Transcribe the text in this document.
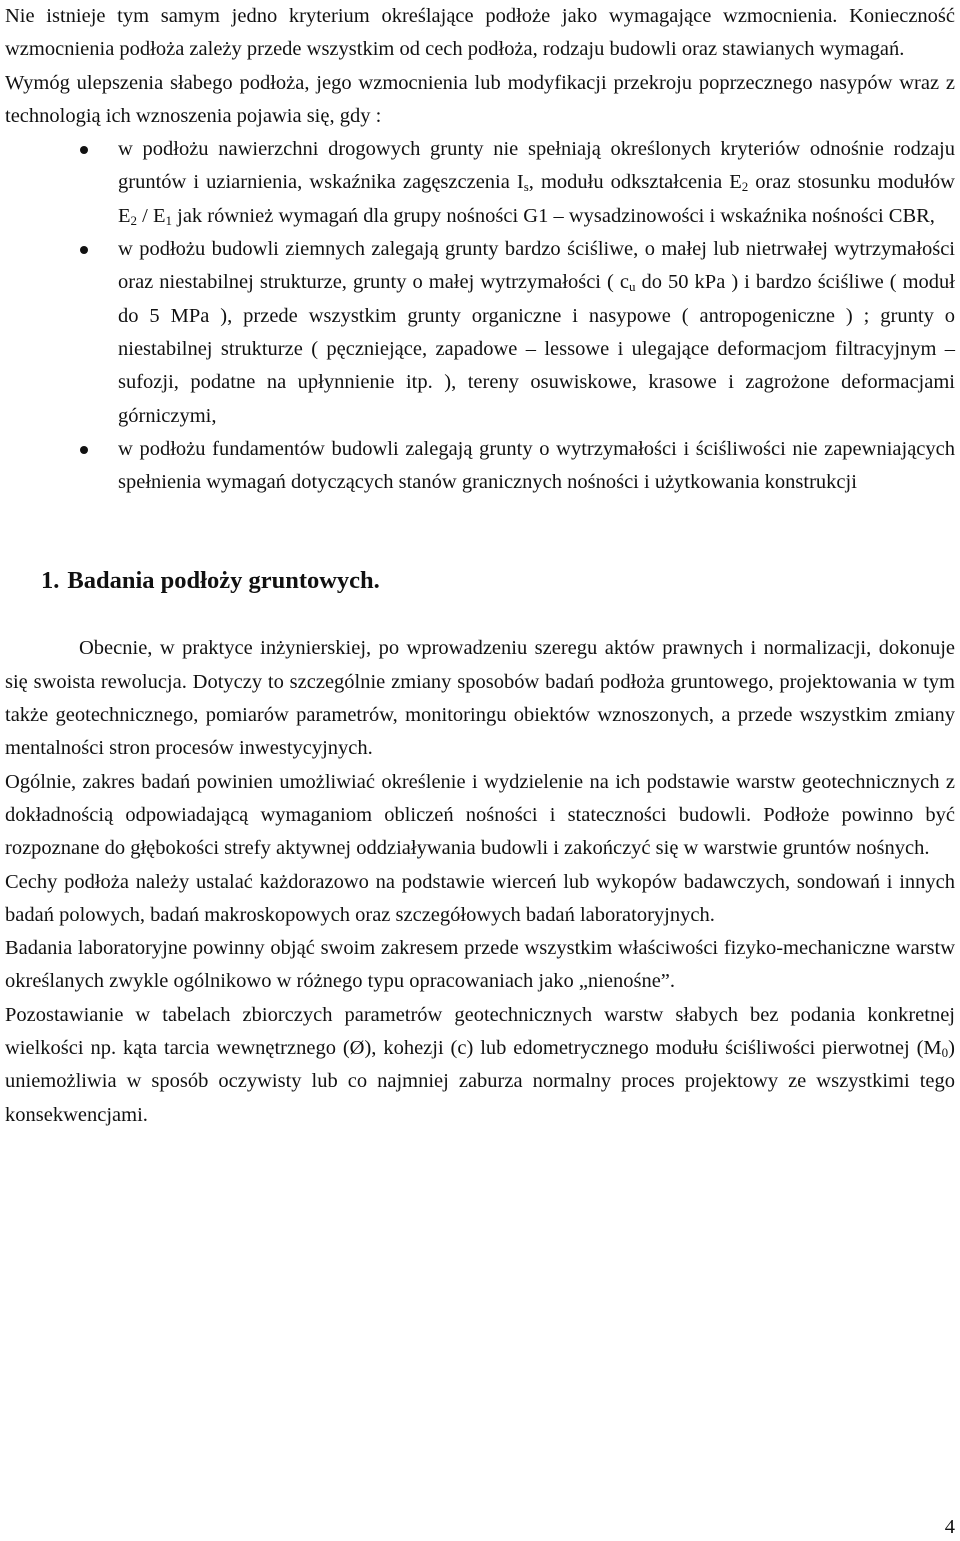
Nie istnieje tym samym jedno kryterium określające podłoże jako wymagające wzmocnienia. Konieczność wzmocnienia podłoża zależy przede wszystkim od cech podłoża, rodzaju budowli oraz stawianych wymagań.

Wymóg ulepszenia słabego podłoża, jego wzmocnienia lub modyfikacji przekroju poprzecznego nasypów wraz z technologią ich wznoszenia pojawia się, gdy :

w podłożu nawierzchni drogowych grunty nie spełniają określonych kryteriów odnośnie rodzaju gruntów i uziarnienia, wskaźnika zagęszczenia $I_s$, modułu odkształcenia $E_2$ oraz stosunku modułów $E_2 / E_1$ jak również wymagań dla grupy nośności G1 – wysadzinowości i wskaźnika nośności CBR,
w podłożu budowli ziemnych zalegają grunty bardzo ściśliwe, o małej lub nietrwałej wytrzymałości oraz niestabilnej strukturze, grunty o małej wytrzymałości ( $c_u$ do 50 kPa ) i bardzo ściśliwe ( moduł do 5 MPa ), przede wszystkim grunty organiczne i nasypowe ( antropogeniczne ) ; grunty o niestabilnej strukturze ( pęczniejące, zapadowe – lessowe i ulegające deformacjom filtracyjnym – sufozji, podatne na upłynnienie itp. ), tereny osuwiskowe, krasowe i zagrożone deformacjami górniczymi,
w podłożu fundamentów budowli zalegają grunty o wytrzymałości i ściśliwości nie zapewniających spełnienia wymagań dotyczących stanów granicznych nośności i użytkowania konstrukcji
1. Badania podłoży gruntowych.

Obecnie, w praktyce inżynierskiej, po wprowadzeniu szeregu aktów prawnych i normalizacji, dokonuje się swoista rewolucja. Dotyczy to szczególnie zmiany sposobów badań podłoża gruntowego, projektowania w tym także geotechnicznego, pomiarów parametrów, monitoringu obiektów wznoszonych, a przede wszystkim zmiany mentalności stron procesów inwestycyjnych.

Ogólnie, zakres badań powinien umożliwiać określenie i wydzielenie na ich podstawie warstw geotechnicznych z dokładnością odpowiadającą wymaganiom obliczeń nośności i stateczności budowli. Podłoże powinno być rozpoznane do głębokości strefy aktywnej oddziaływania budowli i zakończyć się w warstwie gruntów nośnych.

Cechy podłoża należy ustalać każdorazowo na podstawie wierceń lub wykopów badawczych, sondowań i innych badań polowych, badań makroskopowych oraz szczegółowych badań laboratoryjnych.

Badania laboratoryjne powinny objąć swoim zakresem przede wszystkim właściwości fizyko-mechaniczne warstw określanych zwykle ogólnikowo w różnego typu opracowaniach jako „nienośne”.

Pozostawianie w tabelach zbiorczych parametrów geotechnicznych warstw słabych bez podania konkretnej wielkości np. kąta tarcia wewnętrznego (Ø), kohezji (c) lub edometrycznego modułu ściśliwości pierwotnej $(M_0)$ uniemożliwia w sposób oczywisty lub co najmniej zaburza normalny proces projektowy ze wszystkimi tego konsekwencjami.

4
